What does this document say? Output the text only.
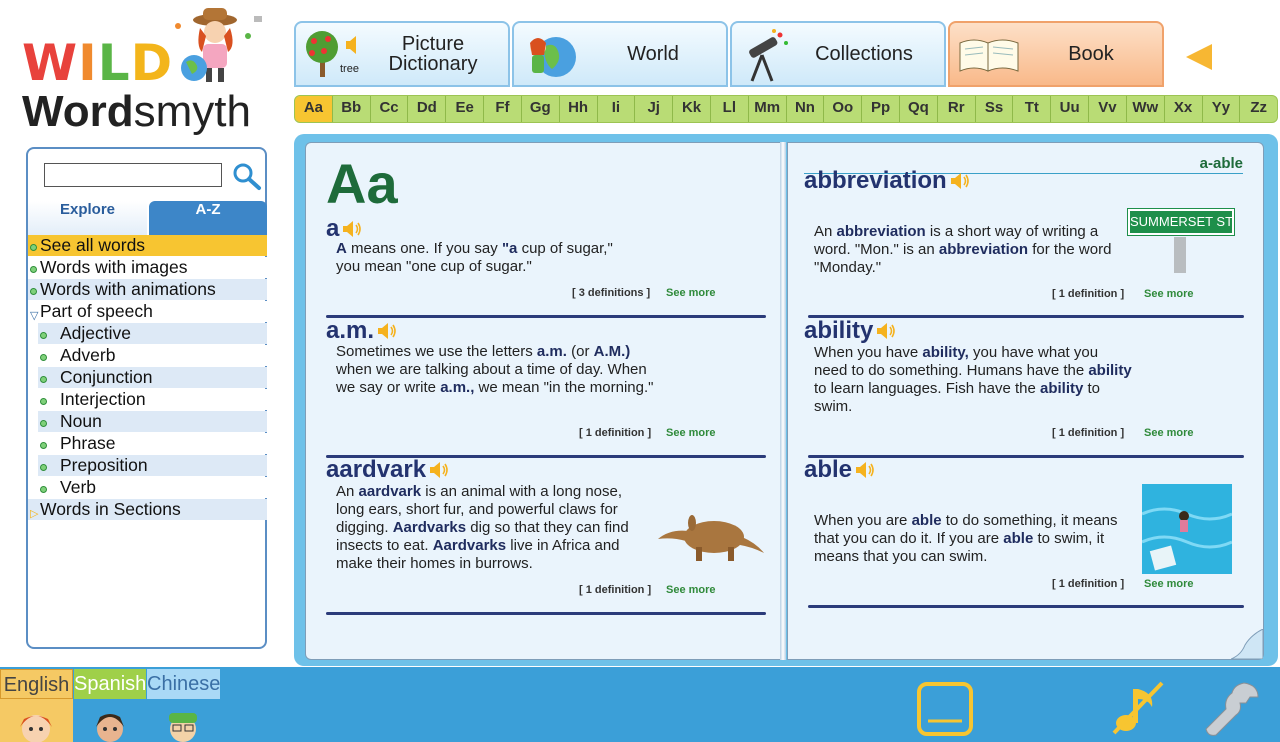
WILD
Wordsmyth
tree
Picture
Dictionary	World	Collections	Book
Aa	Bb	Cc	Dd	Ee	Ff	Gg	Hh	Ii	Jj	Kk	Ll	Mm Nn	Oo	Pp	Qq	Rr	Ss	Tt	Uu	Vv	Ww	Xx	Yy	Zz
Explore	A-Z
See all words
Words with images
Words with animations
▽ Part of speech
Adjective
Adverb
Conjunction
Interjection
Noun
Phrase
Preposition
Verb
▷ Words in Sections
Aa
a
A means one. If you say "a cup of sugar," you mean "one cup of sugar."
[ 3 definitions ] See more
a.m.
Sometimes we use the letters a.m. (or A.M.) when we are talking about a time of day. When we say or write a.m., we mean "in the morning."
[ 1 definition ] See more
aardvark
An aardvark is an animal with a long nose, long ears, short fur, and powerful claws for digging. Aardvarks dig so that they can find insects to eat. Aardvarks live in Africa and make their homes in burrows.
[ 1 definition ] See more
a-able
abbreviation
An abbreviation is a short way of writing a word. "Mon." is an abbreviation for the word "Monday."
[ 1 definition ] See more
ability
When you have ability, you have what you need to do something. Humans have the ability to learn languages. Fish have the ability to swim.
[ 1 definition ] See more
able
When you are able to do something, it means that you can do it. If you are able to swim, it means that you can swim.
[ 1 definition ] See more
SUMMERSET ST.
English Spanish Chinese
